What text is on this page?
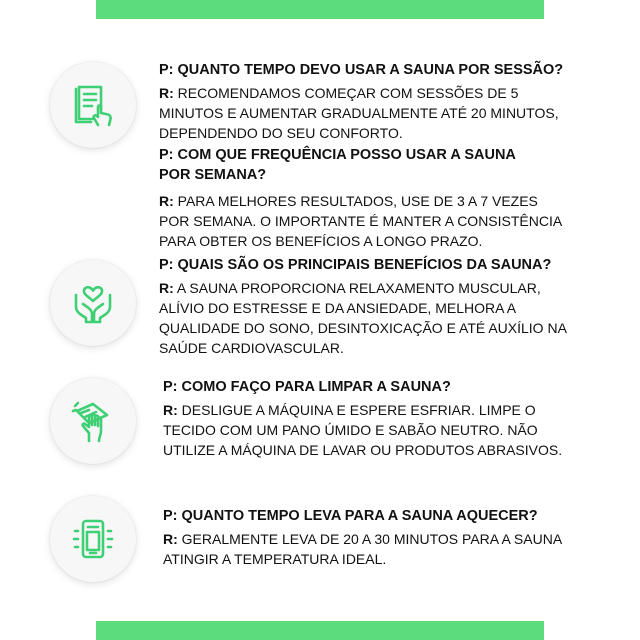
P: QUANTO TEMPO DEVO USAR A SAUNA POR SESSÃO?
R: RECOMENDAMOS COMEÇAR COM SESSÕES DE 5 MINUTOS E AUMENTAR GRADUALMENTE ATÉ 20 MINUTOS, DEPENDENDO DO SEU CONFORTO.
P: COM QUE FREQUÊNCIA POSSO USAR A SAUNA POR SEMANA?
R: PARA MELHORES RESULTADOS, USE DE 3 A 7 VEZES POR SEMANA. O IMPORTANTE É MANTER A CONSISTÊNCIA PARA OBTER OS BENEFÍCIOS A LONGO PRAZO.
P: QUAIS SÃO OS PRINCIPAIS BENEFÍCIOS DA SAUNA?
R: A SAUNA PROPORCIONA RELAXAMENTO MUSCULAR, ALÍVIO DO ESTRESSE E DA ANSIEDADE, MELHORA A QUALIDADE DO SONO, DESINTOXICAÇÃO E ATÉ AUXÍLIO NA SAÚDE CARDIOVASCULAR.
P: COMO FAÇO PARA LIMPAR A SAUNA?
R: DESLIGUE A MÁQUINA E ESPERE ESFRIAR. LIMPE O TECIDO COM UM PANO ÚMIDO E SABÃO NEUTRO. NÃO UTILIZE A MÁQUINA DE LAVAR OU PRODUTOS ABRASIVOS.
P: QUANTO TEMPO LEVA PARA A SAUNA AQUECER?
R: GERALMENTE LEVA DE 20 A 30 MINUTOS PARA A SAUNA ATINGIR A TEMPERATURA IDEAL.
